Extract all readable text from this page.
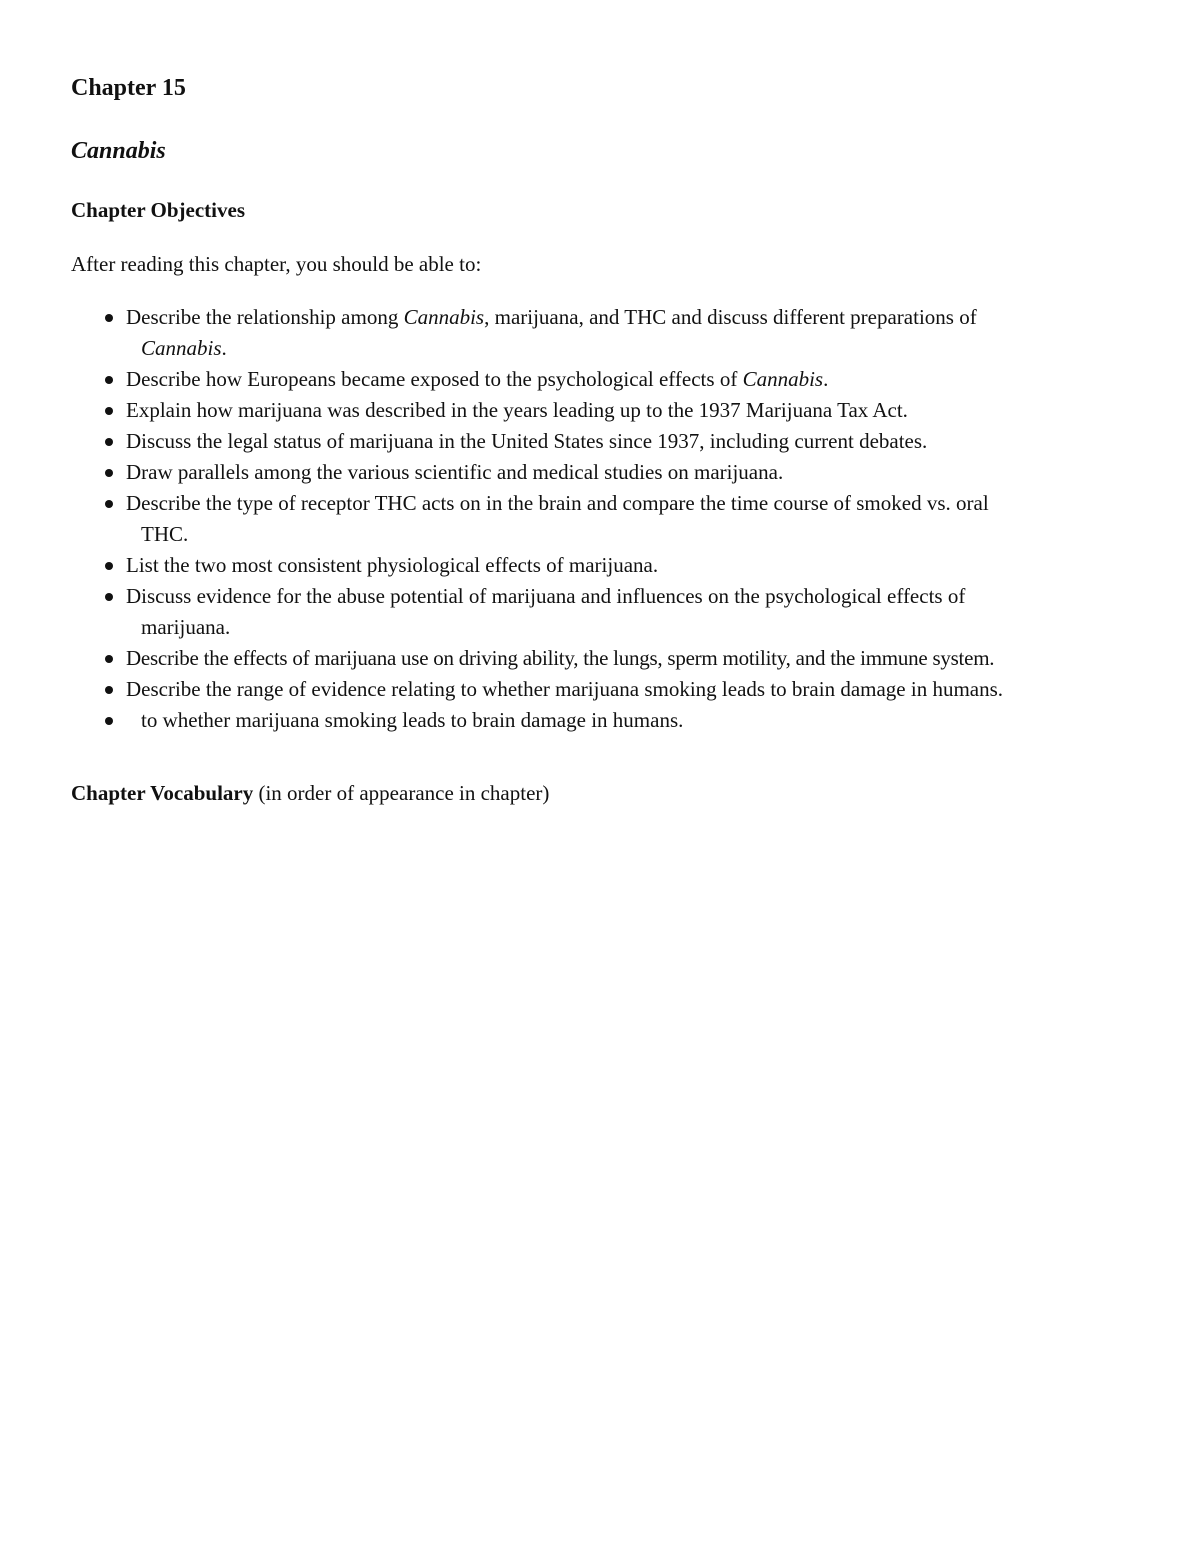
Chapter 15
Cannabis
Chapter Objectives

After reading this chapter, you should be able to:

Describe the relationship among Cannabis, marijuana, and THC and discuss different preparations of
Cannabis.
Describe how Europeans became exposed to the psychological effects of Cannabis.
Explain how marijuana was described in the years leading up to the 1937 Marijuana Tax Act.
Discuss the legal status of marijuana in the United States since 1937, including current debates.
Draw parallels among the various scientific and medical studies on marijuana.
Describe the type of receptor THC acts on in the brain and compare the time course of smoked vs. oral
THC.
List the two most consistent physiological effects of marijuana.
Discuss evidence for the abuse potential of marijuana and influences on the psychological effects of
marijuana.
Describe the effects of marijuana use on driving ability, the lungs, sperm motility, and the immune system.
Describe the range of evidence relating to whether marijuana smoking leads to brain damage in humans.
to whether marijuana smoking leads to brain damage in humans.

Chapter Vocabulary (in order of appearance in chapter)
